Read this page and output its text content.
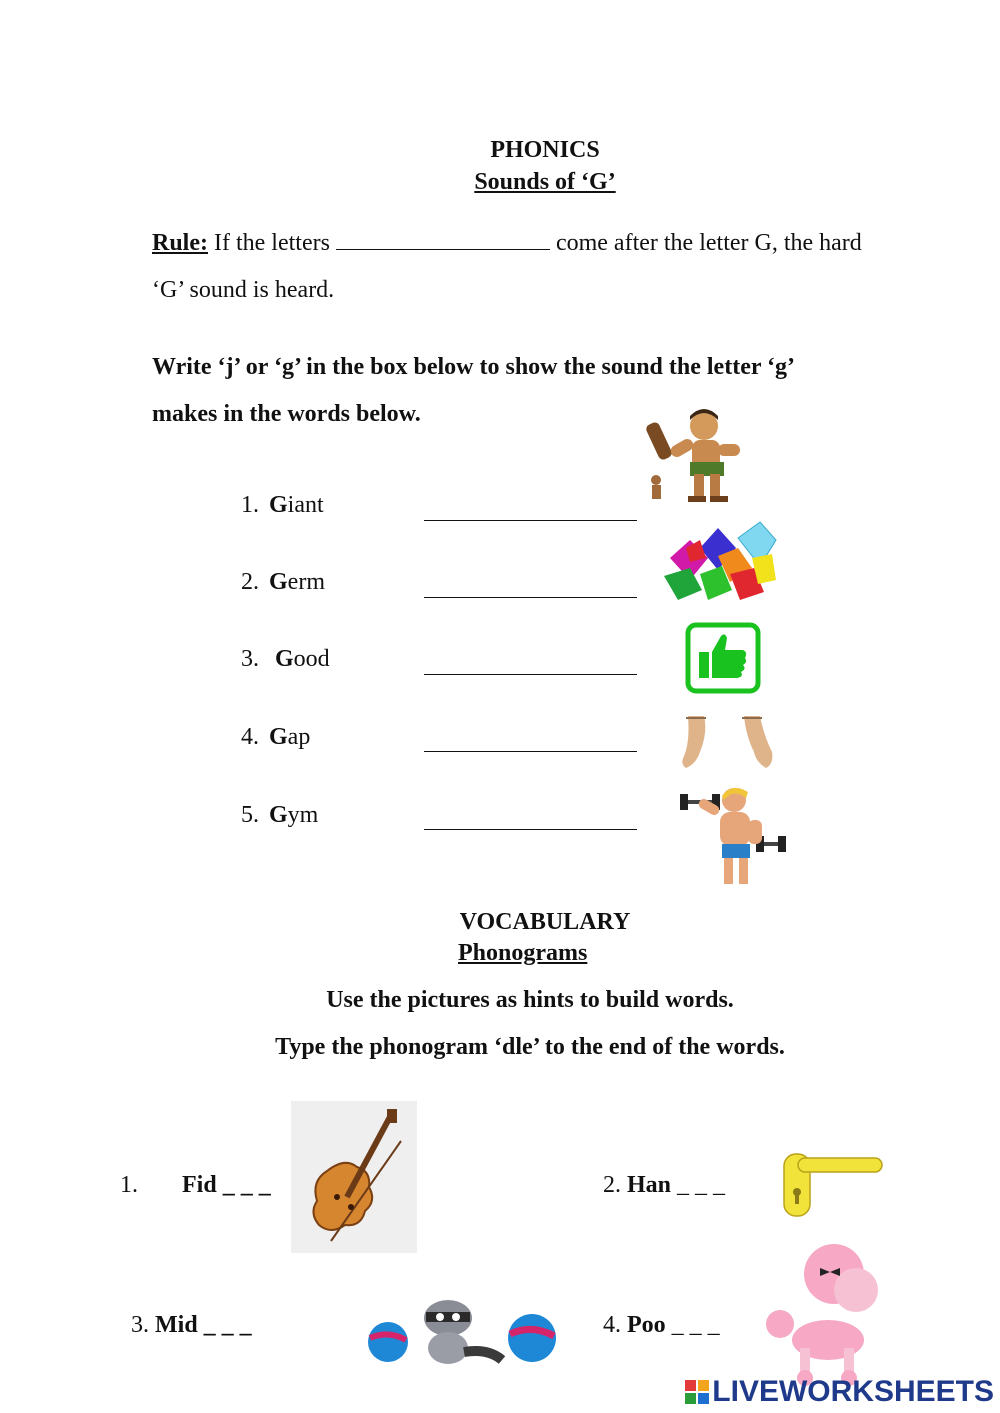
PHONICS
Sounds of ‘G’
Rule: If the letters	come after the letter G, the hard
‘G’ sound is heard.
Write ‘j’ or ‘g’ in the box below to show the sound the letter ‘g’
makes in the words below.
1. Giant
2. Germ
3. Good
4. Gap
5. Gym
VOCABULARY
Phonograms
Use the pictures as hints to build words.
Type the phonogram ‘dle’ to the end of the words.
1. Fid _ _ _	2. Han _ _ _
3. Mid _ _ _	4. Poo _ _ _
LIVEWORKSHEETS
